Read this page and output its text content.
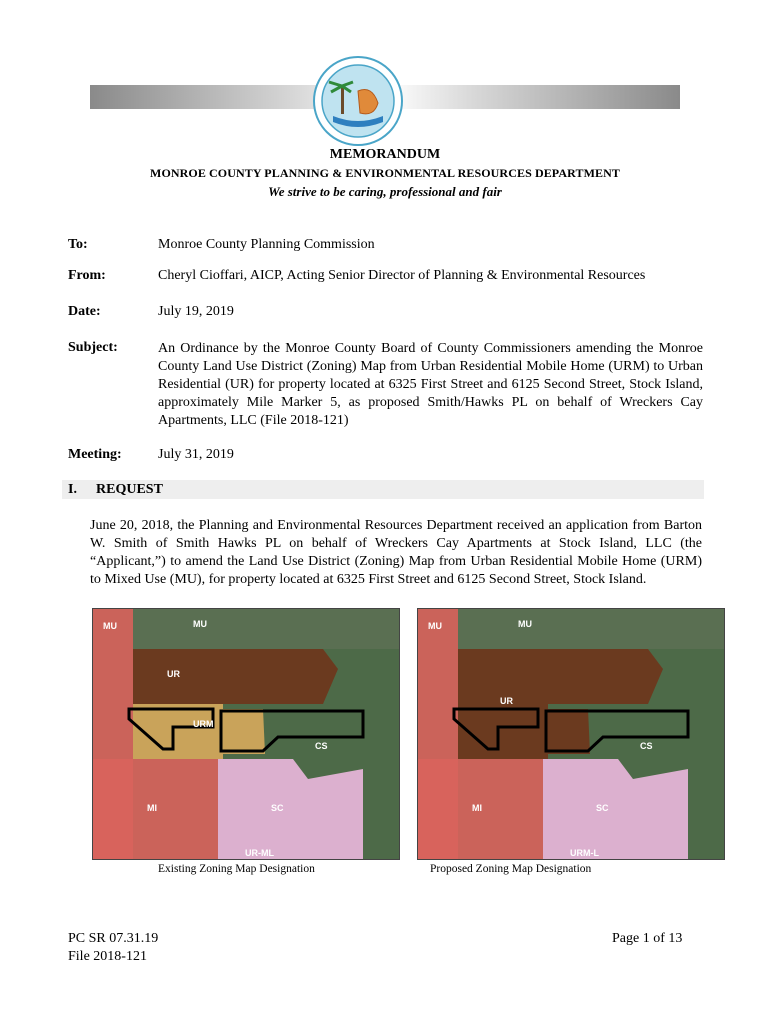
MEMORANDUM
MONROE COUNTY PLANNING & ENVIRONMENTAL RESOURCES DEPARTMENT
We strive to be caring, professional and fair
To:	Monroe County Planning Commission
From:	Cheryl Cioffari, AICP, Acting Senior Director of Planning & Environmental Resources
Date:	July 19, 2019
Subject:	An Ordinance by the Monroe County Board of County Commissioners amending the Monroe County Land Use District (Zoning) Map from Urban Residential Mobile Home (URM) to Urban Residential (UR) for property located at 6325 First Street and 6125 Second Street, Stock Island, approximately Mile Marker 5, as proposed Smith/Hawks PL on behalf of Wreckers Cay Apartments, LLC (File 2018-121)
Meeting:	July 31, 2019
I. REQUEST
June 20, 2018, the Planning and Environmental Resources Department received an application from Barton W. Smith of Smith Hawks PL on behalf of Wreckers Cay Apartments at Stock Island, LLC (the “Applicant,”) to amend the Land Use District (Zoning) Map from Urban Residential Mobile Home (URM) to Mixed Use (MU), for property located at 6325 First Street and 6125 Second Street, Stock Island.
MU	MU
UR
URM
CS
MI	SC
UR-ML
MU	MU
UR
CS
MI	SC
URM-L
Existing Zoning Map Designation	Proposed Zoning Map Designation
PC SR 07.31.19
File 2018-121
Page 1 of 13
